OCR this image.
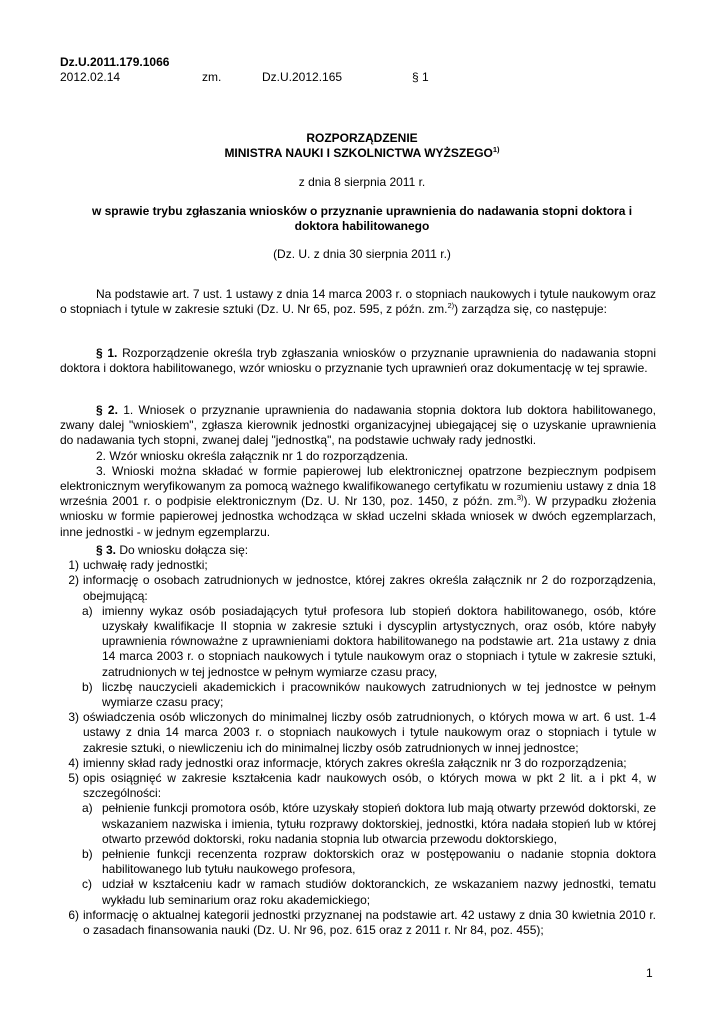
Dz.U.2011.179.1066
2012.02.14	zm.	Dz.U.2012.165	§ 1
ROZPORZĄDZENIE
MINISTRA NAUKI I SZKOLNICTWA WYŻSZEGO$^{1)}$
z dnia 8 sierpnia 2011 r.
w sprawie trybu zgłaszania wniosków o przyznanie uprawnienia do nadawania stopni doktora i
doktora habilitowanego
(Dz. U. z dnia 30 sierpnia 2011 r.)

Na podstawie art. 7 ust. 1 ustawy z dnia 14 marca 2003 r. o stopniach naukowych i tytule naukowym oraz o stopniach i tytule w zakresie sztuki (Dz. U. Nr 65, poz. 595, z późn. zm.$^{2)}$) zarządza się, co następuje:

§ 1. Rozporządzenie określa tryb zgłaszania wniosków o przyznanie uprawnienia do nadawania stopni doktora i doktora habilitowanego, wzór wniosku o przyznanie tych uprawnień oraz dokumentację w tej sprawie.

§ 2. 1. Wniosek o przyznanie uprawnienia do nadawania stopnia doktora lub doktora habilitowanego, zwany dalej "wnioskiem", zgłasza kierownik jednostki organizacyjnej ubiegającej się o uzyskanie uprawnienia do nadawania tych stopni, zwanej dalej "jednostką", na podstawie uchwały rady jednostki.

2. Wzór wniosku określa załącznik nr 1 do rozporządzenia.

3. Wnioski można składać w formie papierowej lub elektronicznej opatrzone bezpiecznym podpisem elektronicznym weryfikowanym za pomocą ważnego kwalifikowanego certyfikatu w rozumieniu ustawy z dnia 18 września 2001 r. o podpisie elektronicznym (Dz. U. Nr 130, poz. 1450, z późn. zm.$^{3)}$). W przypadku złożenia wniosku w formie papierowej jednostka wchodząca w skład uczelni składa wniosek w dwóch egzemplarzach, inne jednostki - w jednym egzemplarzu.

§ 3. Do wniosku dołącza się:

1) uchwałę rady jednostki;
2) informację o osobach zatrudnionych w jednostce, której zakres określa załącznik nr 2 do rozporządzenia, obejmującą:
a) imienny wykaz osób posiadających tytuł profesora lub stopień doktora habilitowanego, osób, które uzyskały kwalifikacje II stopnia w zakresie sztuki i dyscyplin artystycznych, oraz osób, które nabyły uprawnienia równoważne z uprawnieniami doktora habilitowanego na podstawie art. 21a ustawy z dnia 14 marca 2003 r. o stopniach naukowych i tytule naukowym oraz o stopniach i tytule w zakresie sztuki, zatrudnionych w tej jednostce w pełnym wymiarze czasu pracy,
b) liczbę nauczycieli akademickich i pracowników naukowych zatrudnionych w tej jednostce w pełnym wymiarze czasu pracy;
3) oświadczenia osób wliczonych do minimalnej liczby osób zatrudnionych, o których mowa w art. 6 ust. 1-4 ustawy z dnia 14 marca 2003 r. o stopniach naukowych i tytule naukowym oraz o stopniach i tytule w zakresie sztuki, o niewliczeniu ich do minimalnej liczby osób zatrudnionych w innej jednostce;
4) imienny skład rady jednostki oraz informacje, których zakres określa załącznik nr 3 do rozporządzenia;
5) opis osiągnięć w zakresie kształcenia kadr naukowych osób, o których mowa w pkt 2 lit. a i pkt 4, w szczególności:
a) pełnienie funkcji promotora osób, które uzyskały stopień doktora lub mają otwarty przewód doktorski, ze wskazaniem nazwiska i imienia, tytułu rozprawy doktorskiej, jednostki, która nadała stopień lub w której otwarto przewód doktorski, roku nadania stopnia lub otwarcia przewodu doktorskiego,
b) pełnienie funkcji recenzenta rozpraw doktorskich oraz w postępowaniu o nadanie stopnia doktora habilitowanego lub tytułu naukowego profesora,
c) udział w kształceniu kadr w ramach studiów doktoranckich, ze wskazaniem nazwy jednostki, tematu wykładu lub seminarium oraz roku akademickiego;
6) informację o aktualnej kategorii jednostki przyznanej na podstawie art. 42 ustawy z dnia 30 kwietnia 2010 r. o zasadach finansowania nauki (Dz. U. Nr 96, poz. 615 oraz z 2011 r. Nr 84, poz. 455);
1
